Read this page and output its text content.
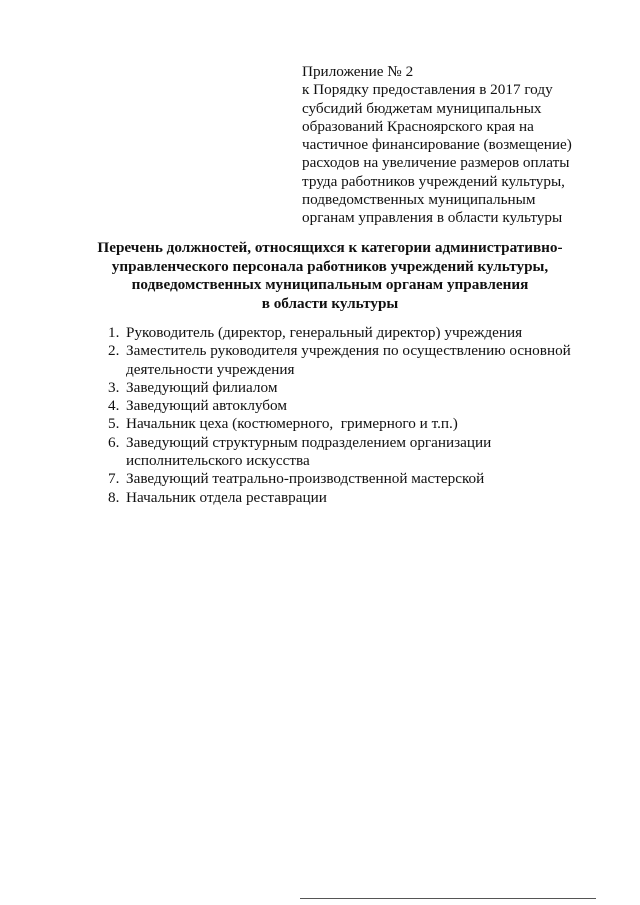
Приложение № 2
к Порядку предоставления в 2017 году
субсидий бюджетам муниципальных
образований Красноярского края на
частичное финансирование (возмещение)
расходов на увеличение размеров оплаты
труда работников учреждений культуры,
подведомственных муниципальным
органам управления в области культуры
Перечень должностей, относящихся к категории административно-
управленческого персонала работников учреждений культуры,
подведомственных муниципальным органам управления
в области культуры
1. Руководитель (директор, генеральный директор) учреждения
2. Заместитель руководителя учреждения по осуществлению основной
деятельности учреждения
3. Заведующий филиалом
4. Заведующий автоклубом
5. Начальник цеха (костюмерного,  гримерного и т.п.)
6. Заведующий структурным подразделением организации
исполнительского искусства
7. Заведующий театрально-производственной мастерской
8. Начальник отдела реставрации
